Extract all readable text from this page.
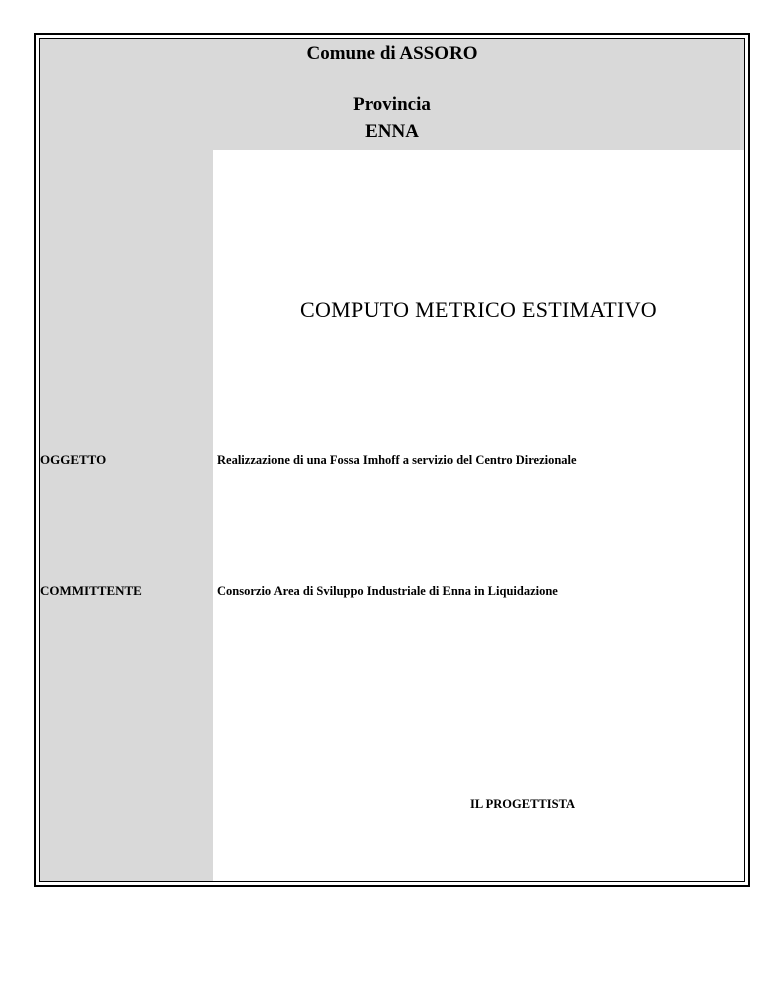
Comune di ASSORO
Provincia
ENNA
COMPUTO METRICO ESTIMATIVO
OGGETTO	Realizzazione di una Fossa Imhoff a servizio del Centro Direzionale
COMMITTENTE	Consorzio Area di Sviluppo Industriale di Enna in Liquidazione
IL PROGETTISTA
